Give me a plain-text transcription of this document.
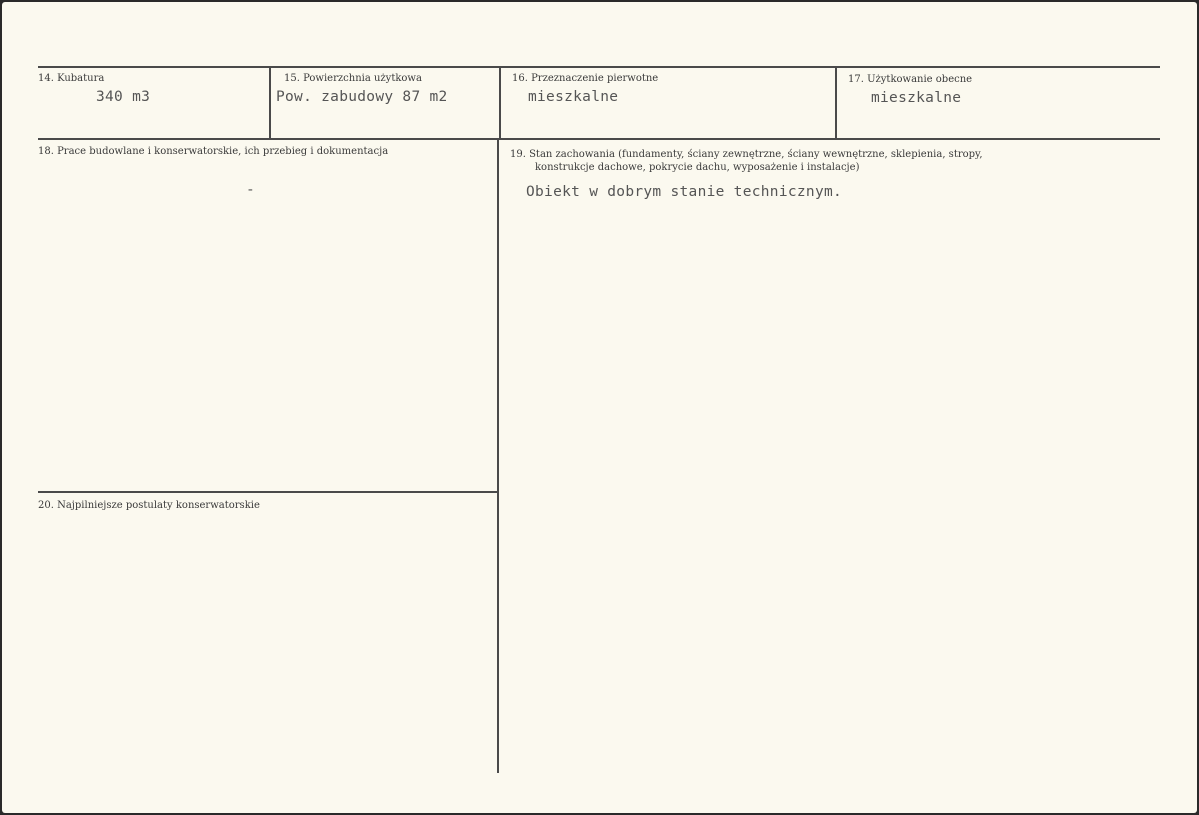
14. Kubatura
340 m3
15. Powierzchnia użytkowa
Pow. zabudowy 87 m2
16. Przeznaczenie pierwotne
mieszkalne
17. Użytkowanie obecne
mieszkalne
18. Prace budowlane i konserwatorskie, ich przebieg i dokumentacja
-
19. Stan zachowania (fundamenty, ściany zewnętrzne, ściany wewnętrzne, sklepienia, stropy,
konstrukcje dachowe, pokrycie dachu, wyposażenie i instalacje)
Obiekt w dobrym stanie technicznym.
20. Najpilniejsze postulaty konserwatorskie
